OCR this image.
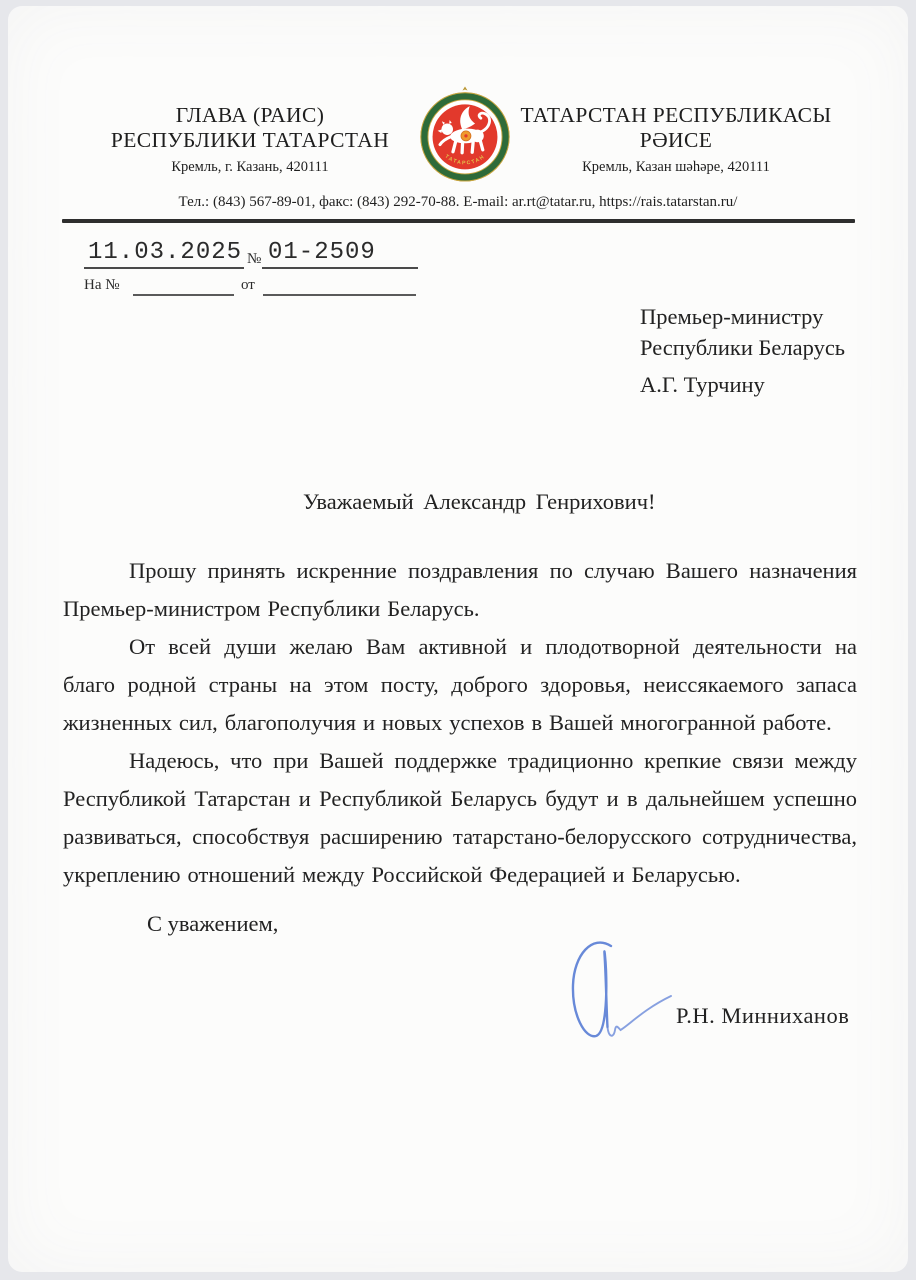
ГЛАВА (РАИС)
РЕСПУБЛИКИ ТАТАРСТАН
Кремль, г. Казань, 420111
ТАТАРСТАН
ТАТАРСТАН РЕСПУБЛИКАСЫ
РӘИСЕ
Кремль, Казан шәһәре, 420111
Тел.: (843) 567-89-01, факс: (843) 292-70-88. E-mail: ar.rt@tatar.ru, https://rais.tatarstan.ru/
11.03.2025 № 01-2509
На №	от
Премьер-министру
Республики Беларусь
А.Г. Турчину
Уважаемый Александр Генрихович!

Прошу принять искренние поздравления по случаю Вашего назначения Премьер-министром Республики Беларусь.

От всей души желаю Вам активной и плодотворной деятельности на благо родной страны на этом посту, доброго здоровья, неиссякаемого запаса жизненных сил, благополучия и новых успехов в Вашей многогранной работе.

Надеюсь, что при Вашей поддержке традиционно крепкие связи между Республикой Татарстан и Республикой Беларусь будут и в дальнейшем успешно развиваться, способствуя расширению татарстано-белорусского сотрудничества, укреплению отношений между Российской Федерацией и Беларусью.

С уважением,
Р.Н. Минниханов
